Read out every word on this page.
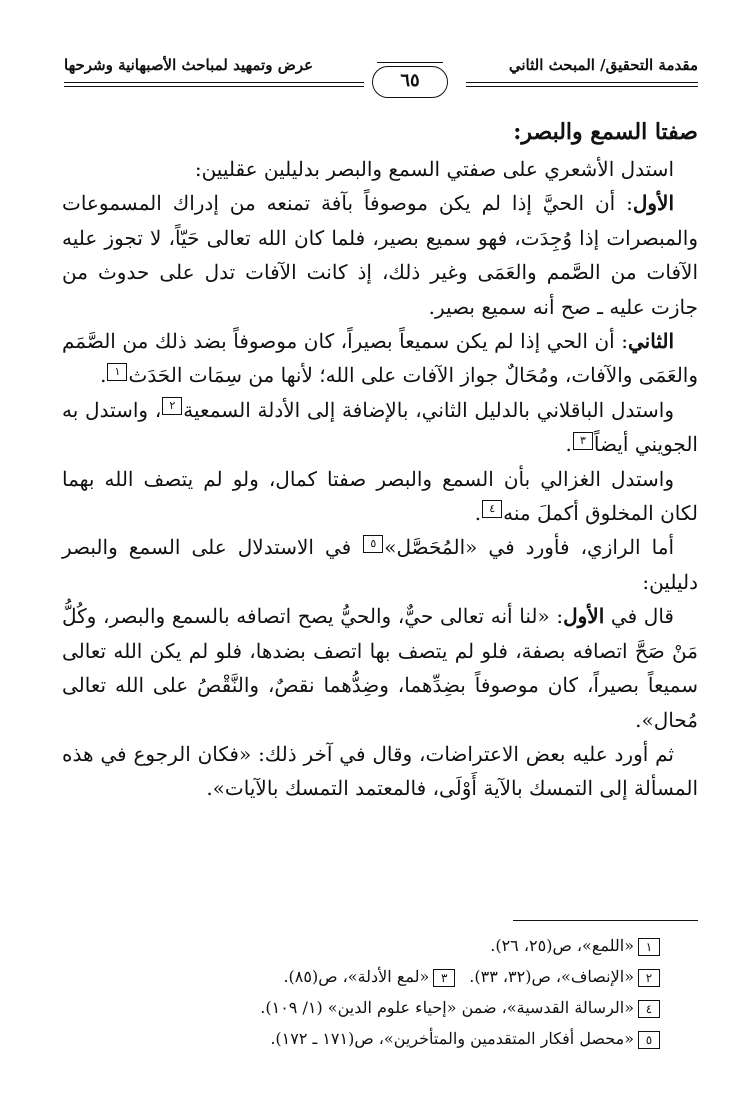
مقدمة التحقيق/ المبحث الثاني
عرض وتمهيد لمباحث الأصبهانية وشرحها
٦٥

صفتا السمع والبصر:

استدل الأشعري على صفتي السمع والبصر بدليلين عقليين:

الأول: أن الحيَّ إذا لم يكن موصوفاً بآفة تمنعه من إدراك المسموعات والمبصرات إذا وُجِدَت، فهو سميع بصير، فلما كان الله تعالى حَيّاً، لا تجوز عليه الآفات من الصَّمم والعَمَى وغير ذلك، إذ كانت الآفات تدل على حدوث من جازت عليه ـ صح أنه سميع بصير.

الثاني: أن الحي إذا لم يكن سميعاً بصيراً، كان موصوفاً بضد ذلك من الصَّمَم والعَمَى والآفات، ومُحَالٌ جواز الآفات على الله؛ لأنها من سِمَات الحَدَث١.

واستدل الباقلاني بالدليل الثاني، بالإضافة إلى الأدلة السمعية٢، واستدل به الجويني أيضاً٣.

واستدل الغزالي بأن السمع والبصر صفتا كمال، ولو لم يتصف الله بهما لكان المخلوق أكملَ منه٤.

أما الرازي، فأورد في «المُحَصَّل»٥ في الاستدلال على السمع والبصر دليلين:

قال في الأول: «لنا أنه تعالى حيٌّ، والحيُّ يصح اتصافه بالسمع والبصر، وكُلُّ مَنْ صَحَّ اتصافه بصفة، فلو لم يتصف بها اتصف بضدها، فلو لم يكن الله تعالى سميعاً بصيراً، كان موصوفاً بضِدِّهما، وضِدُّهما نقصٌ، والنَّقْصُ على الله تعالى مُحال».

ثم أورد عليه بعض الاعتراضات، وقال في آخر ذلك: «فكان الرجوع في هذه المسألة إلى التمسك بالآية أَوْلَى، فالمعتمد التمسك بالآيات».

١«اللمع»، ص(٢٥، ٢٦).
٢«الإنصاف»، ص(٣٢، ٣٣).٣«لمع الأدلة»، ص(٨٥).
٤«الرسالة القدسية»، ضمن «إحياء علوم الدين» (١/ ١٠٩).
٥«محصل أفكار المتقدمين والمتأخرين»، ص(١٧١ ـ ١٧٢).
